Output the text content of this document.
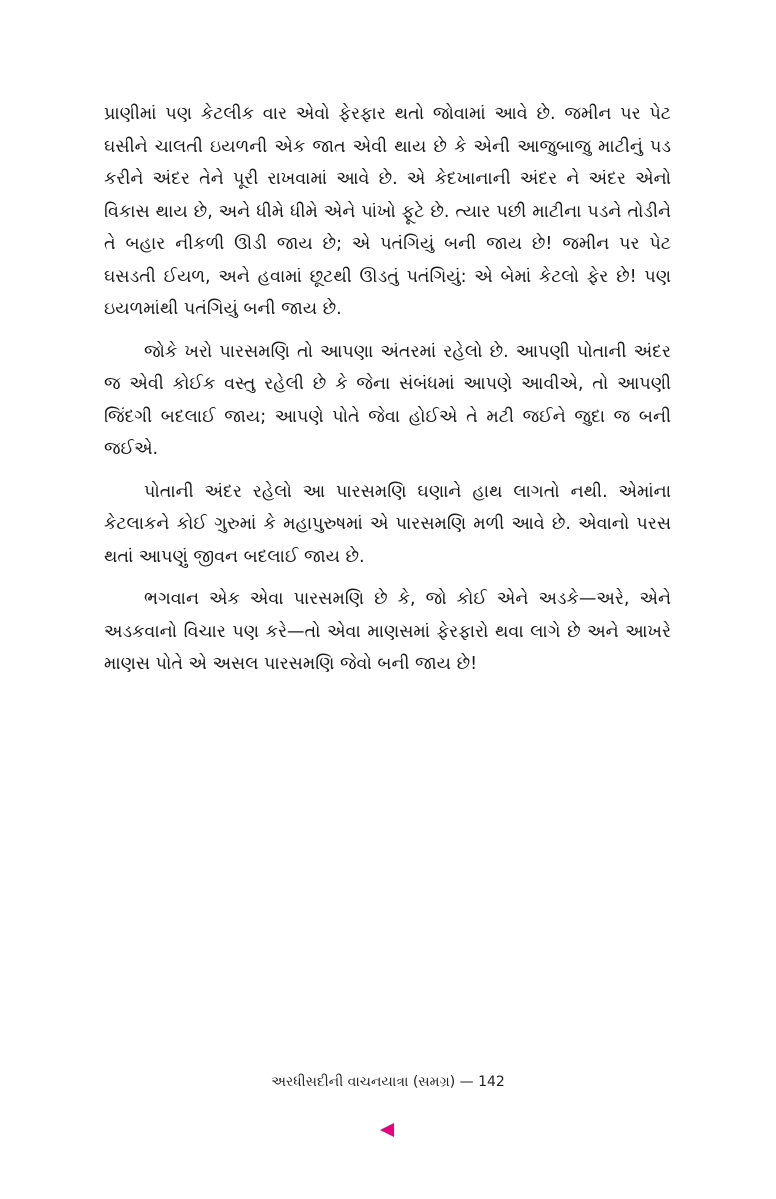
પ્રાણીમાં પણ કેટલીક વાર એવો ફેરફાર થતો જોવામાં આવે છે. જમીન પર પેટ ઘસીને ચાલતી ઇયળની એક જાત એવી થાય છે કે એની આજુબાજુ માટીનું પડ કરીને અંદર તેને પૂરી રાખવામાં આવે છે. એ કેદખાનાની અંદર ને અંદર એનો વિકાસ થાય છે, અને ધીમે ધીમે એને પાંખો ફૂટે છે. ત્યાર પછી માટીના પડને તોડીને તે બહાર નીકળી ઊડી જાય છે; એ પતંગિયું બની જાય છે! જમીન પર પેટ ઘસડતી ઈયળ, અને હવામાં છૂટથી ઊડતું પતંગિયું: એ બેમાં કેટલો ફેર છે! પણ ઇયળમાંથી પતંગિયું બની જાય છે.

જોકે ખરો પારસમણિ તો આપણા અંતરમાં રહેલો છે. આપણી પોતાની અંદર જ એવી કોઈક વસ્તુ રહેલી છે કે જેના સંબંધમાં આપણે આવીએ, તો આપણી જિંદગી બદલાઈ જાય; આપણે પોતે જેવા હોઈએ તે મટી જઈને જુદા જ બની જઈએ.

પોતાની અંદર રહેલો આ પારસમણિ ઘણાને હાથ લાગતો નથી. એમાંના કેટલાકને કોઈ ગુરુમાં કે મહાપુરુષમાં એ પારસમણિ મળી આવે છે. એવાનો પરસ થતાં આપણું જીવન બદલાઈ જાય છે.

ભગવાન એક એવા પારસમણિ છે કે, જો કોઈ એને અડકે—અરે, એને અડકવાનો વિચાર પણ કરે—તો એવા માણસમાં ફેરફારો થવા લાગે છે અને આખરે માણસ પોતે એ અસલ પારસમણિ જેવો બની જાય છે!

અરધીસદીની વાચનયાત્રા (સમગ્ર) — 142
